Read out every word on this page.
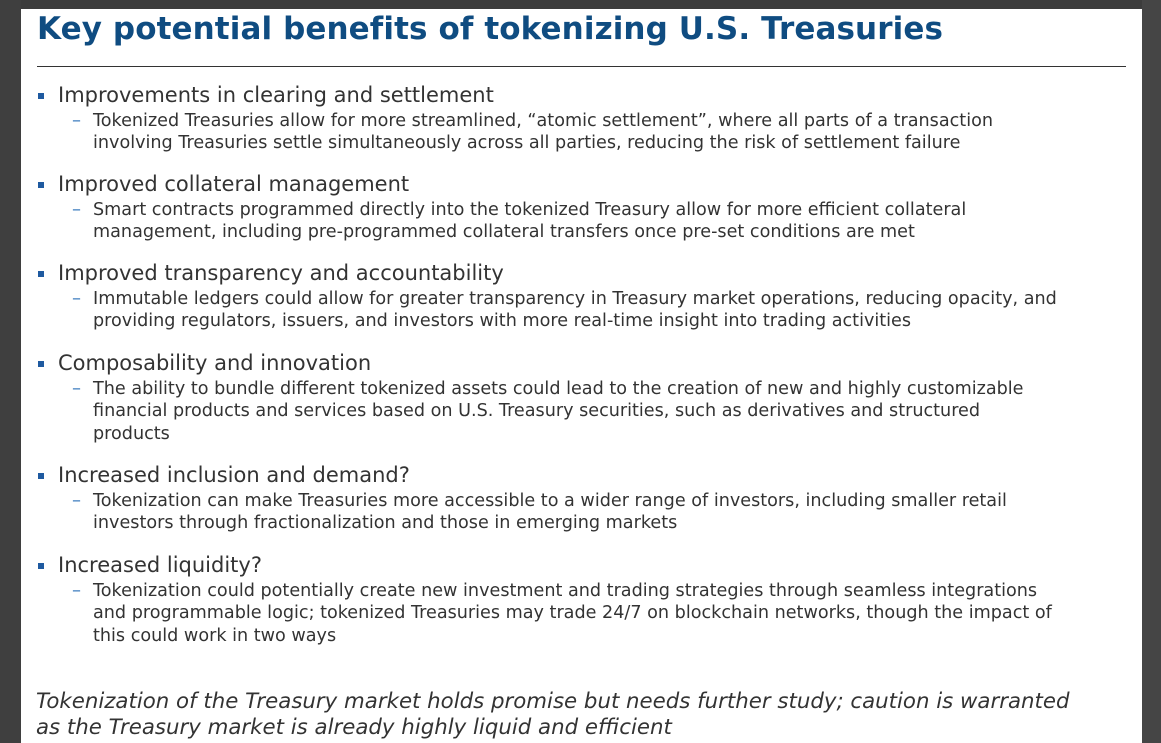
Key potential benefits of tokenizing U.S. Treasuries
Improvements in clearing and settlement
– Tokenized Treasuries allow for more streamlined, “atomic settlement”, where all parts of a transaction
involving Treasuries settle simultaneously across all parties, reducing the risk of settlement failure
Improved collateral management
– Smart contracts programmed directly into the tokenized Treasury allow for more efficient collateral
management, including pre-programmed collateral transfers once pre-set conditions are met
Improved transparency and accountability
– Immutable ledgers could allow for greater transparency in Treasury market operations, reducing opacity, and
providing regulators, issuers, and investors with more real-time insight into trading activities
Composability and innovation
– The ability to bundle different tokenized assets could lead to the creation of new and highly customizable
financial products and services based on U.S. Treasury securities, such as derivatives and structured
products
Increased inclusion and demand?
– Tokenization can make Treasuries more accessible to a wider range of investors, including smaller retail
investors through fractionalization and those in emerging markets
Increased liquidity?
– Tokenization could potentially create new investment and trading strategies through seamless integrations
and programmable logic; tokenized Treasuries may trade 24/7 on blockchain networks, though the impact of
this could work in two ways
Tokenization of the Treasury market holds promise but needs further study; caution is warranted
as the Treasury market is already highly liquid and efficient
